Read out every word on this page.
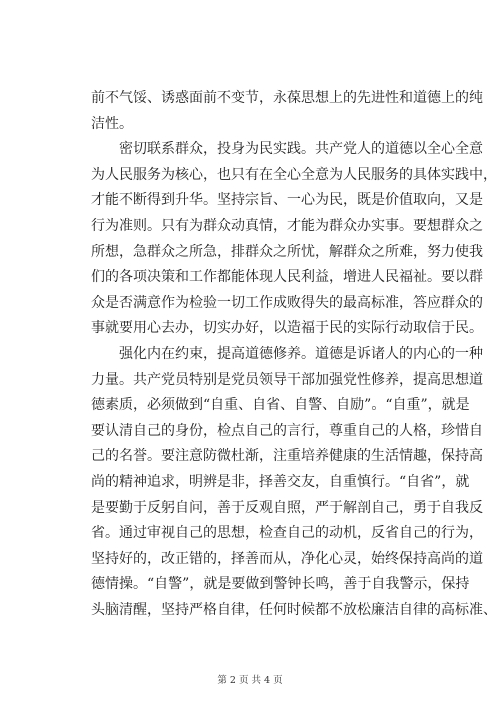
前不气馁、诱惑面前不变节，永葆思想上的先进性和道德上的纯
洁性。
密切联系群众，投身为民实践。共产党人的道德以全心全意
为人民服务为核心，也只有在全心全意为人民服务的具体实践中，
才能不断得到升华。坚持宗旨、一心为民，既是价值取向，又是
行为准则。只有为群众动真情，才能为群众办实事。要想群众之
所想，急群众之所急，排群众之所忧，解群众之所难，努力使我
们的各项决策和工作都能体现人民利益，增进人民福祉。要以群
众是否满意作为检验一切工作成败得失的最高标准，答应群众的
事就要用心去办，切实办好，以造福于民的实际行动取信于民。
强化内在约束，提高道德修养。道德是诉诸人的内心的一种
力量。共产党员特别是党员领导干部加强党性修养，提高思想道
德素质，必须做到“自重、自省、自警、自励”。“自重”，就是
要认清自己的身份，检点自己的言行，尊重自己的人格，珍惜自
己的名誉。要注意防微杜渐，注重培养健康的生活情趣，保持高
尚的精神追求，明辨是非，择善交友，自重慎行。“自省”，就
是要勤于反躬自问，善于反观自照，严于解剖自己，勇于自我反
省。通过审视自己的思想，检查自己的动机，反省自己的行为，
坚持好的，改正错的，择善而从，净化心灵，始终保持高尚的道
德情操。“自警”，就是要做到警钟长鸣，善于自我警示，保持
头脑清醒，坚持严格自律，任何时候都不放松廉洁自律的高标准、
第 2 页 共 4 页
